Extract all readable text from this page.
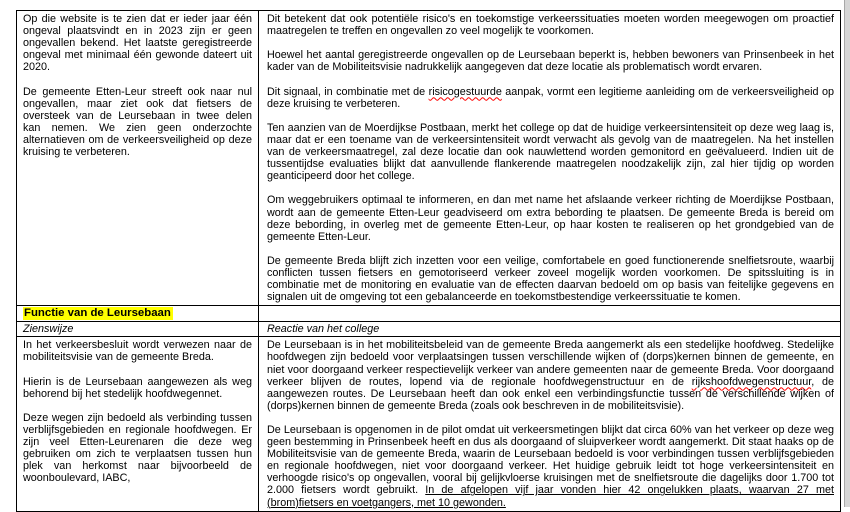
Op die website is te zien dat er ieder jaar één ongeval plaatsvindt en in 2023 zijn er geen ongevallen bekend. Het laatste geregistreerde ongeval met minimaal één gewonde dateert uit 2020.

De gemeente Etten-Leur streeft ook naar nul ongevallen, maar ziet ook dat fietsers de oversteek van de Leursebaan in twee delen kan nemen. We zien geen onderzochte alternatieven om de verkeersveiligheid op deze kruising te verbeteren.

Dit betekent dat ook potentiële risico's en toekomstige verkeerssituaties moeten worden meegewogen om proactief maatregelen te treffen en ongevallen zo veel mogelijk te voorkomen.

Hoewel het aantal geregistreerde ongevallen op de Leursebaan beperkt is, hebben bewoners van Prinsenbeek in het kader van de Mobiliteitsvisie nadrukkelijk aangegeven dat deze locatie als problematisch wordt ervaren.

Dit signaal, in combinatie met de risicogestuurde aanpak, vormt een legitieme aanleiding om de verkeersveiligheid op deze kruising te verbeteren.

Ten aanzien van de Moerdijkse Postbaan, merkt het college op dat de huidige verkeersintensiteit op deze weg laag is, maar dat er een toename van de verkeersintensiteit wordt verwacht als gevolg van de maatregelen. Na het instellen van de verkeersmaatregel, zal deze locatie dan ook nauwlettend worden gemonitord en geëvalueerd. Indien uit de tussentijdse evaluaties blijkt dat aanvullende flankerende maatregelen noodzakelijk zijn, zal hier tijdig op worden geanticipeerd door het college.

Om weggebruikers optimaal te informeren, en dan met name het afslaande verkeer richting de Moerdijkse Postbaan, wordt aan de gemeente Etten-Leur geadviseerd om extra bebording te plaatsen. De gemeente Breda is bereid om deze bebording, in overleg met de gemeente Etten-Leur, op haar kosten te realiseren op het grondgebied van de gemeente Etten-Leur.

De gemeente Breda blijft zich inzetten voor een veilige, comfortabele en goed functionerende snelfietsroute, waarbij conflicten tussen fietsers en gemotoriseerd verkeer zoveel mogelijk worden voorkomen. De spitssluiting is in combinatie met de monitoring en evaluatie van de effecten daarvan bedoeld om op basis van feitelijke gegevens en signalen uit de omgeving tot een gebalanceerde en toekomstbestendige verkeerssituatie te komen.

Functie van de Leursebaan	
Zienswijze	Reactie van het college

In het verkeersbesluit wordt verwezen naar de mobiliteitsvisie van de gemeente Breda.

Hierin is de Leursebaan aangewezen als weg behorend bij het stedelijk hoofdwegennet.

Deze wegen zijn bedoeld als verbinding tussen verblijfsgebieden en regionale hoofdwegen. Er zijn veel Etten-Leurenaren die deze weg gebruiken om zich te verplaatsen tussen hun plek van herkomst naar bijvoorbeeld de woonboulevard, IABC,

De Leursebaan is in het mobiliteitsbeleid van de gemeente Breda aangemerkt als een stedelijke hoofdweg. Stedelijke hoofdwegen zijn bedoeld voor verplaatsingen tussen verschillende wijken of (dorps)kernen binnen de gemeente, en niet voor doorgaand verkeer respectievelijk verkeer van andere gemeenten naar de gemeente Breda. Voor doorgaand verkeer blijven de routes, lopend via de regionale hoofdwegenstructuur en de rijkshoofdwegenstructuur, de aangewezen routes. De Leursebaan heeft dan ook enkel een verbindingsfunctie tussen de verschillende wijken of (dorps)kernen binnen de gemeente Breda (zoals ook beschreven in de mobiliteitsvisie).

De Leursebaan is opgenomen in de pilot omdat uit verkeersmetingen blijkt dat circa 60% van het verkeer op deze weg geen bestemming in Prinsenbeek heeft en dus als doorgaand of sluipverkeer wordt aangemerkt. Dit staat haaks op de Mobiliteitsvisie van de gemeente Breda, waarin de Leursebaan bedoeld is voor verbindingen tussen verblijfsgebieden en regionale hoofdwegen, niet voor doorgaand verkeer. Het huidige gebruik leidt tot hoge verkeersintensiteit en verhoogde risico's op ongevallen, vooral bij gelijkvloerse kruisingen met de snelfietsroute die dagelijks door 1.700 tot 2.000 fietsers wordt gebruikt. In de afgelopen vijf jaar vonden hier 42 ongelukken plaats, waarvan 27 met (brom)fietsers en voetgangers, met 10 gewonden.
